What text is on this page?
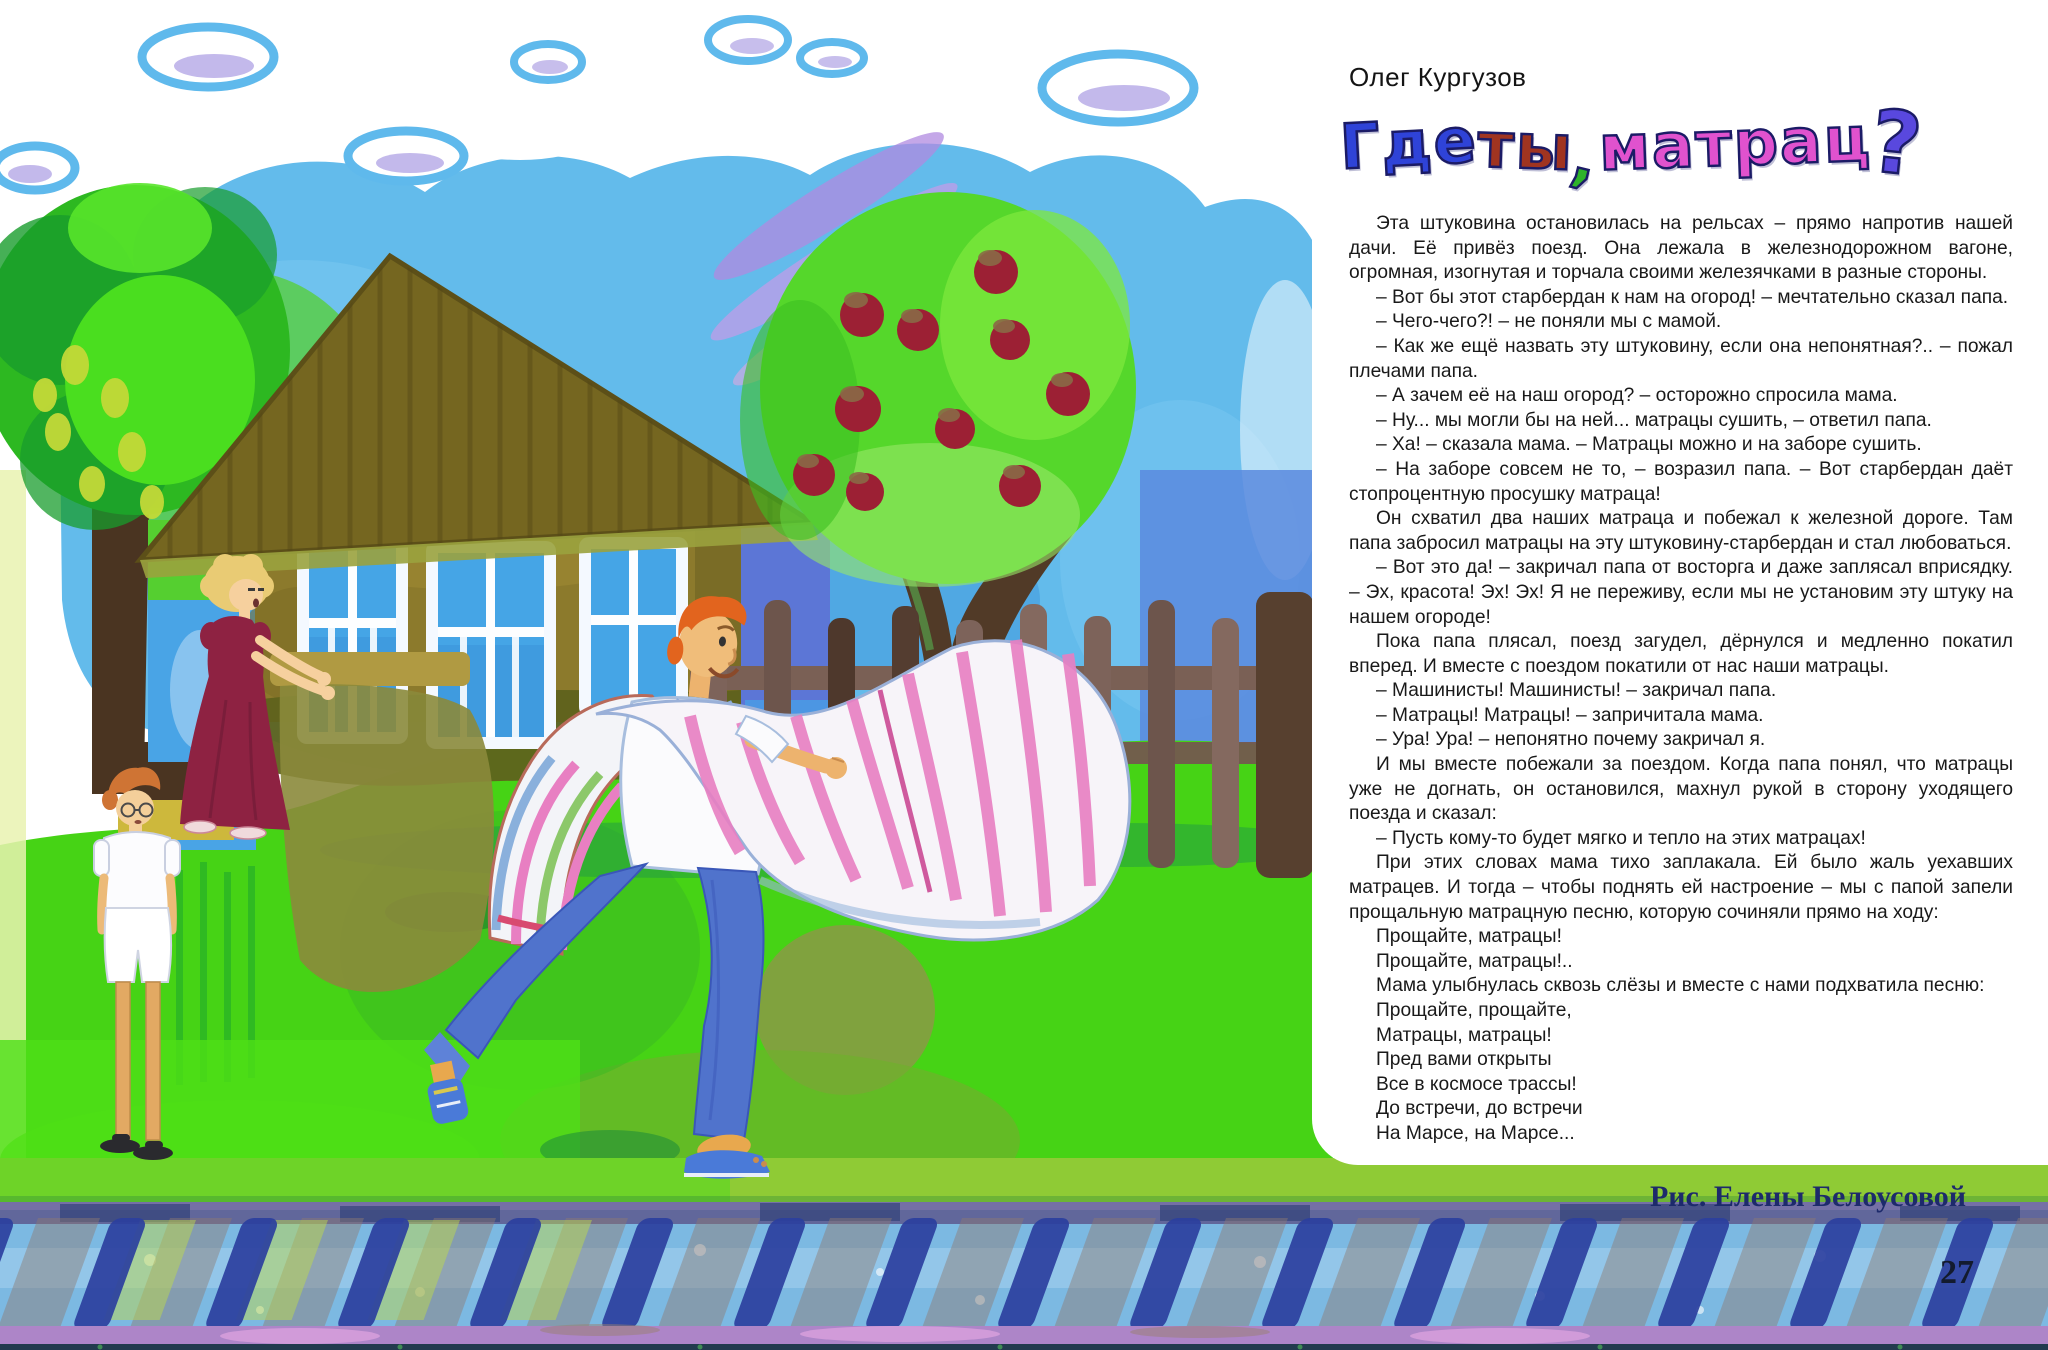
Олег Кургузов
Гдеты,матрац?

Эта штуковина остановилась на рельсах – прямо напротив нашей дачи. Её привёз поезд. Она лежала в железнодорожном вагоне, огромная, изогнутая и торчала своими железячками в разные стороны.

– Вот бы этот старбердан к нам на огород! – мечтательно сказал папа.

– Чего-чего?! – не поняли мы с мамой.

– Как же ещё назвать эту штуковину, если она непонятная?.. – пожал плечами папа.

– А зачем её на наш огород? – осторожно спросила мама.

– Ну... мы могли бы на ней... матрацы сушить, – ответил папа.

– Ха! – сказала мама. – Матрацы можно и на заборе сушить.

– На заборе совсем не то, – возразил папа. – Вот старбердан даёт стопроцентную просушку матраца!

Он схватил два наших матраца и побежал к железной дороге. Там папа забросил матрацы на эту штуковину-старбердан и стал любоваться.

– Вот это да! – закричал папа от восторга и даже заплясал вприсядку. – Эх, красота! Эх! Эх! Я не переживу, если мы не установим эту штуку на нашем огороде!

Пока папа плясал, поезд загудел, дёрнулся и медленно покатил вперед. И вместе с поездом покатили от нас наши матрацы.

– Машинисты! Машинисты! – закричал папа.

– Матрацы! Матрацы! – запричитала мама.

– Ура! Ура! – непонятно почему закричал я.

И мы вместе побежали за поездом. Когда папа понял, что матрацы уже не догнать, он остановился, махнул рукой в сторону уходящего поезда и сказал:

– Пусть кому-то будет мягко и тепло на этих матрацах!

При этих словах мама тихо заплакала. Ей было жаль уехавших матрацев. И тогда – чтобы поднять ей настроение – мы с папой запели прощальную матрацную песню, которую сочиняли прямо на ходу:

Прощайте, матрацы!

Прощайте, матрацы!..

Мама улыбнулась сквозь слёзы и вместе с нами подхватила песню:

Прощайте, прощайте,

Матрацы, матрацы!

Пред вами открыты

Все в космосе трассы!

До встречи, до встречи

На Марсе, на Марсе...

Рис. Елены Белоусовой
27
